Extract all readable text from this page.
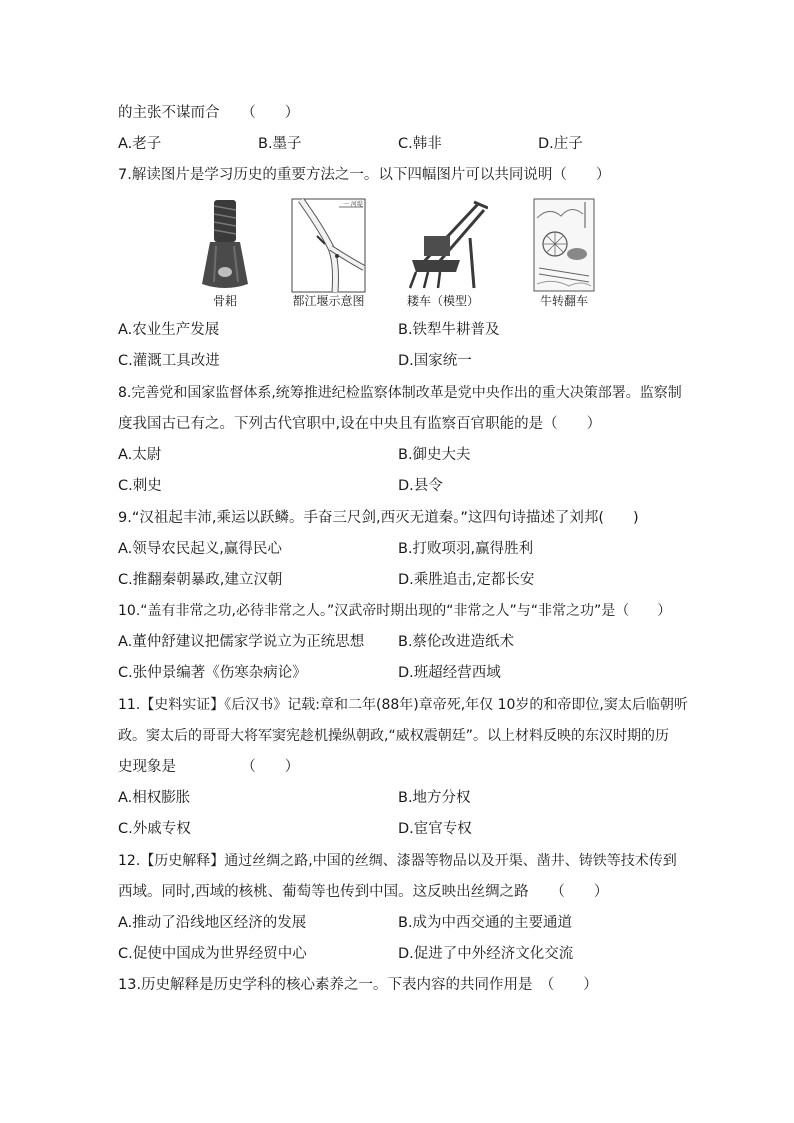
的主张不谋而合　　（　　）
A.老子	B.墨子	C.韩非	D.庄子
7.解读图片是学习历史的重要方法之一。以下四幅图片可以共同说明（　　）
骨耜
一 河堤
都江堰示意图	耧车（模型）	牛转翻车
A.农业生产发展	B.铁犁牛耕普及
C.灌溉工具改进	D.国家统一
8.完善党和国家监督体系,统筹推进纪检监察体制改革是党中央作出的重大决策部署。监察制
度我国古已有之。下列古代官职中,设在中央且有监察百官职能的是（　　）
A.太尉	B.御史大夫
C.刺史	D.县令
9.“汉祖起丰沛,乘运以跃鳞。手奋三尺剑,西灭无道秦。”这四句诗描述了刘邦(　　)
A.领导农民起义,赢得民心	B.打败项羽,赢得胜利
C.推翻秦朝暴政,建立汉朝	D.乘胜追击,定都长安
10.“盖有非常之功,必待非常之人。”汉武帝时期出现的“非常之人”与“非常之功”是（　　）
A.董仲舒建议把儒家学说立为正统思想 B.蔡伦改进造纸术
C.张仲景编著《伤寒杂病论》	D.班超经营西域
11.【史料实证】《后汉书》记载:章和二年(88年)章帝死,年仅 10岁的和帝即位,窦太后临朝听
政。窦太后的哥哥大将军窦宪趁机操纵朝政,“威权震朝廷”。以上材料反映的东汉时期的历
史现象是　　　　　（　　）
A.相权膨胀	B.地方分权
C.外戚专权	D.宦官专权
12.【历史解释】通过丝绸之路,中国的丝绸、漆器等物品以及开渠、凿井、铸铁等技术传到
西域。同时,西域的核桃、葡萄等也传到中国。这反映出丝绸之路　　（　　）
A.推动了沿线地区经济的发展	B.成为中西交通的主要通道
C.促使中国成为世界经贸中心	D.促进了中外经济文化交流
13.历史解释是历史学科的核心素养之一。下表内容的共同作用是　（　　）
